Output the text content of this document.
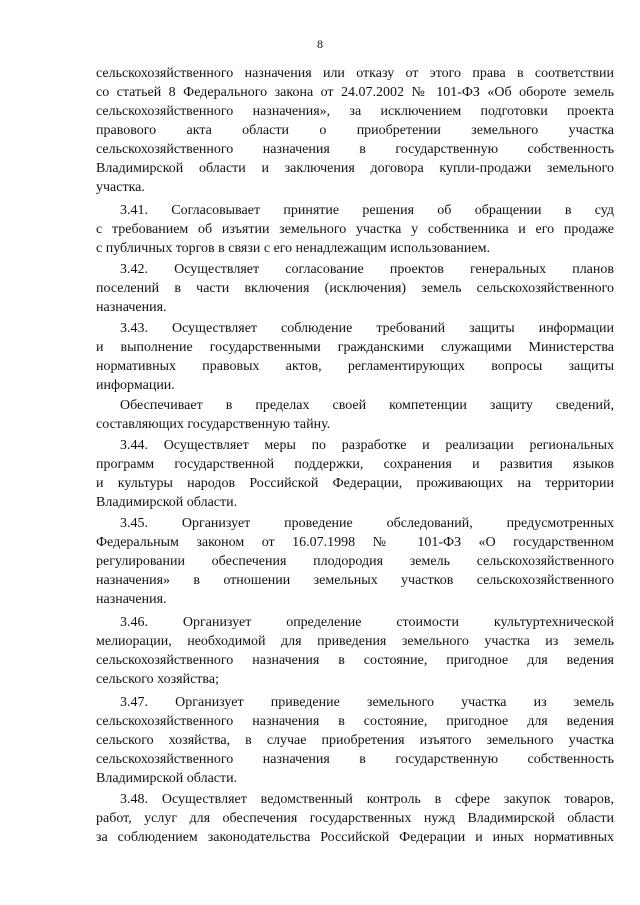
8
сельскохозяйственного назначения или отказу от этого права в соответствии
со статьей 8 Федерального закона от 24.07.2002 № 101-ФЗ «Об обороте земель
сельскохозяйственного назначения», за исключением подготовки проекта
правового акта области о приобретении земельного участка
сельскохозяйственного назначения в государственную собственность
Владимирской области и заключения договора купли-продажи земельного
участка.
3.41. Согласовывает принятие решения об обращении в суд
с требованием об изъятии земельного участка у собственника и его продаже
с публичных торгов в связи с его ненадлежащим использованием.
3.42. Осуществляет согласование проектов генеральных планов
поселений в части включения (исключения) земель сельскохозяйственного
назначения.
3.43. Осуществляет соблюдение требований защиты информации
и выполнение государственными гражданскими служащими Министерства
нормативных правовых актов, регламентирующих вопросы защиты
информации.
Обеспечивает в пределах своей компетенции защиту сведений,
составляющих государственную тайну.
3.44. Осуществляет меры по разработке и реализации региональных
программ государственной поддержки, сохранения и развития языков
и культуры народов Российской Федерации, проживающих на территории
Владимирской области.
3.45. Организует проведение обследований, предусмотренных
Федеральным законом от 16.07.1998 № 101-ФЗ «О государственном
регулировании обеспечения плодородия земель сельскохозяйственного
назначения» в отношении земельных участков сельскохозяйственного
назначения.
3.46. Организует определение стоимости культуртехнической
мелиорации, необходимой для приведения земельного участка из земель
сельскохозяйственного назначения в состояние, пригодное для ведения
сельского хозяйства;
3.47. Организует приведение земельного участка из земель
сельскохозяйственного назначения в состояние, пригодное для ведения
сельского хозяйства, в случае приобретения изъятого земельного участка
сельскохозяйственного назначения в государственную собственность
Владимирской области.
3.48. Осуществляет ведомственный контроль в сфере закупок товаров,
работ, услуг для обеспечения государственных нужд Владимирской области
за соблюдением законодательства Российской Федерации и иных нормативных
